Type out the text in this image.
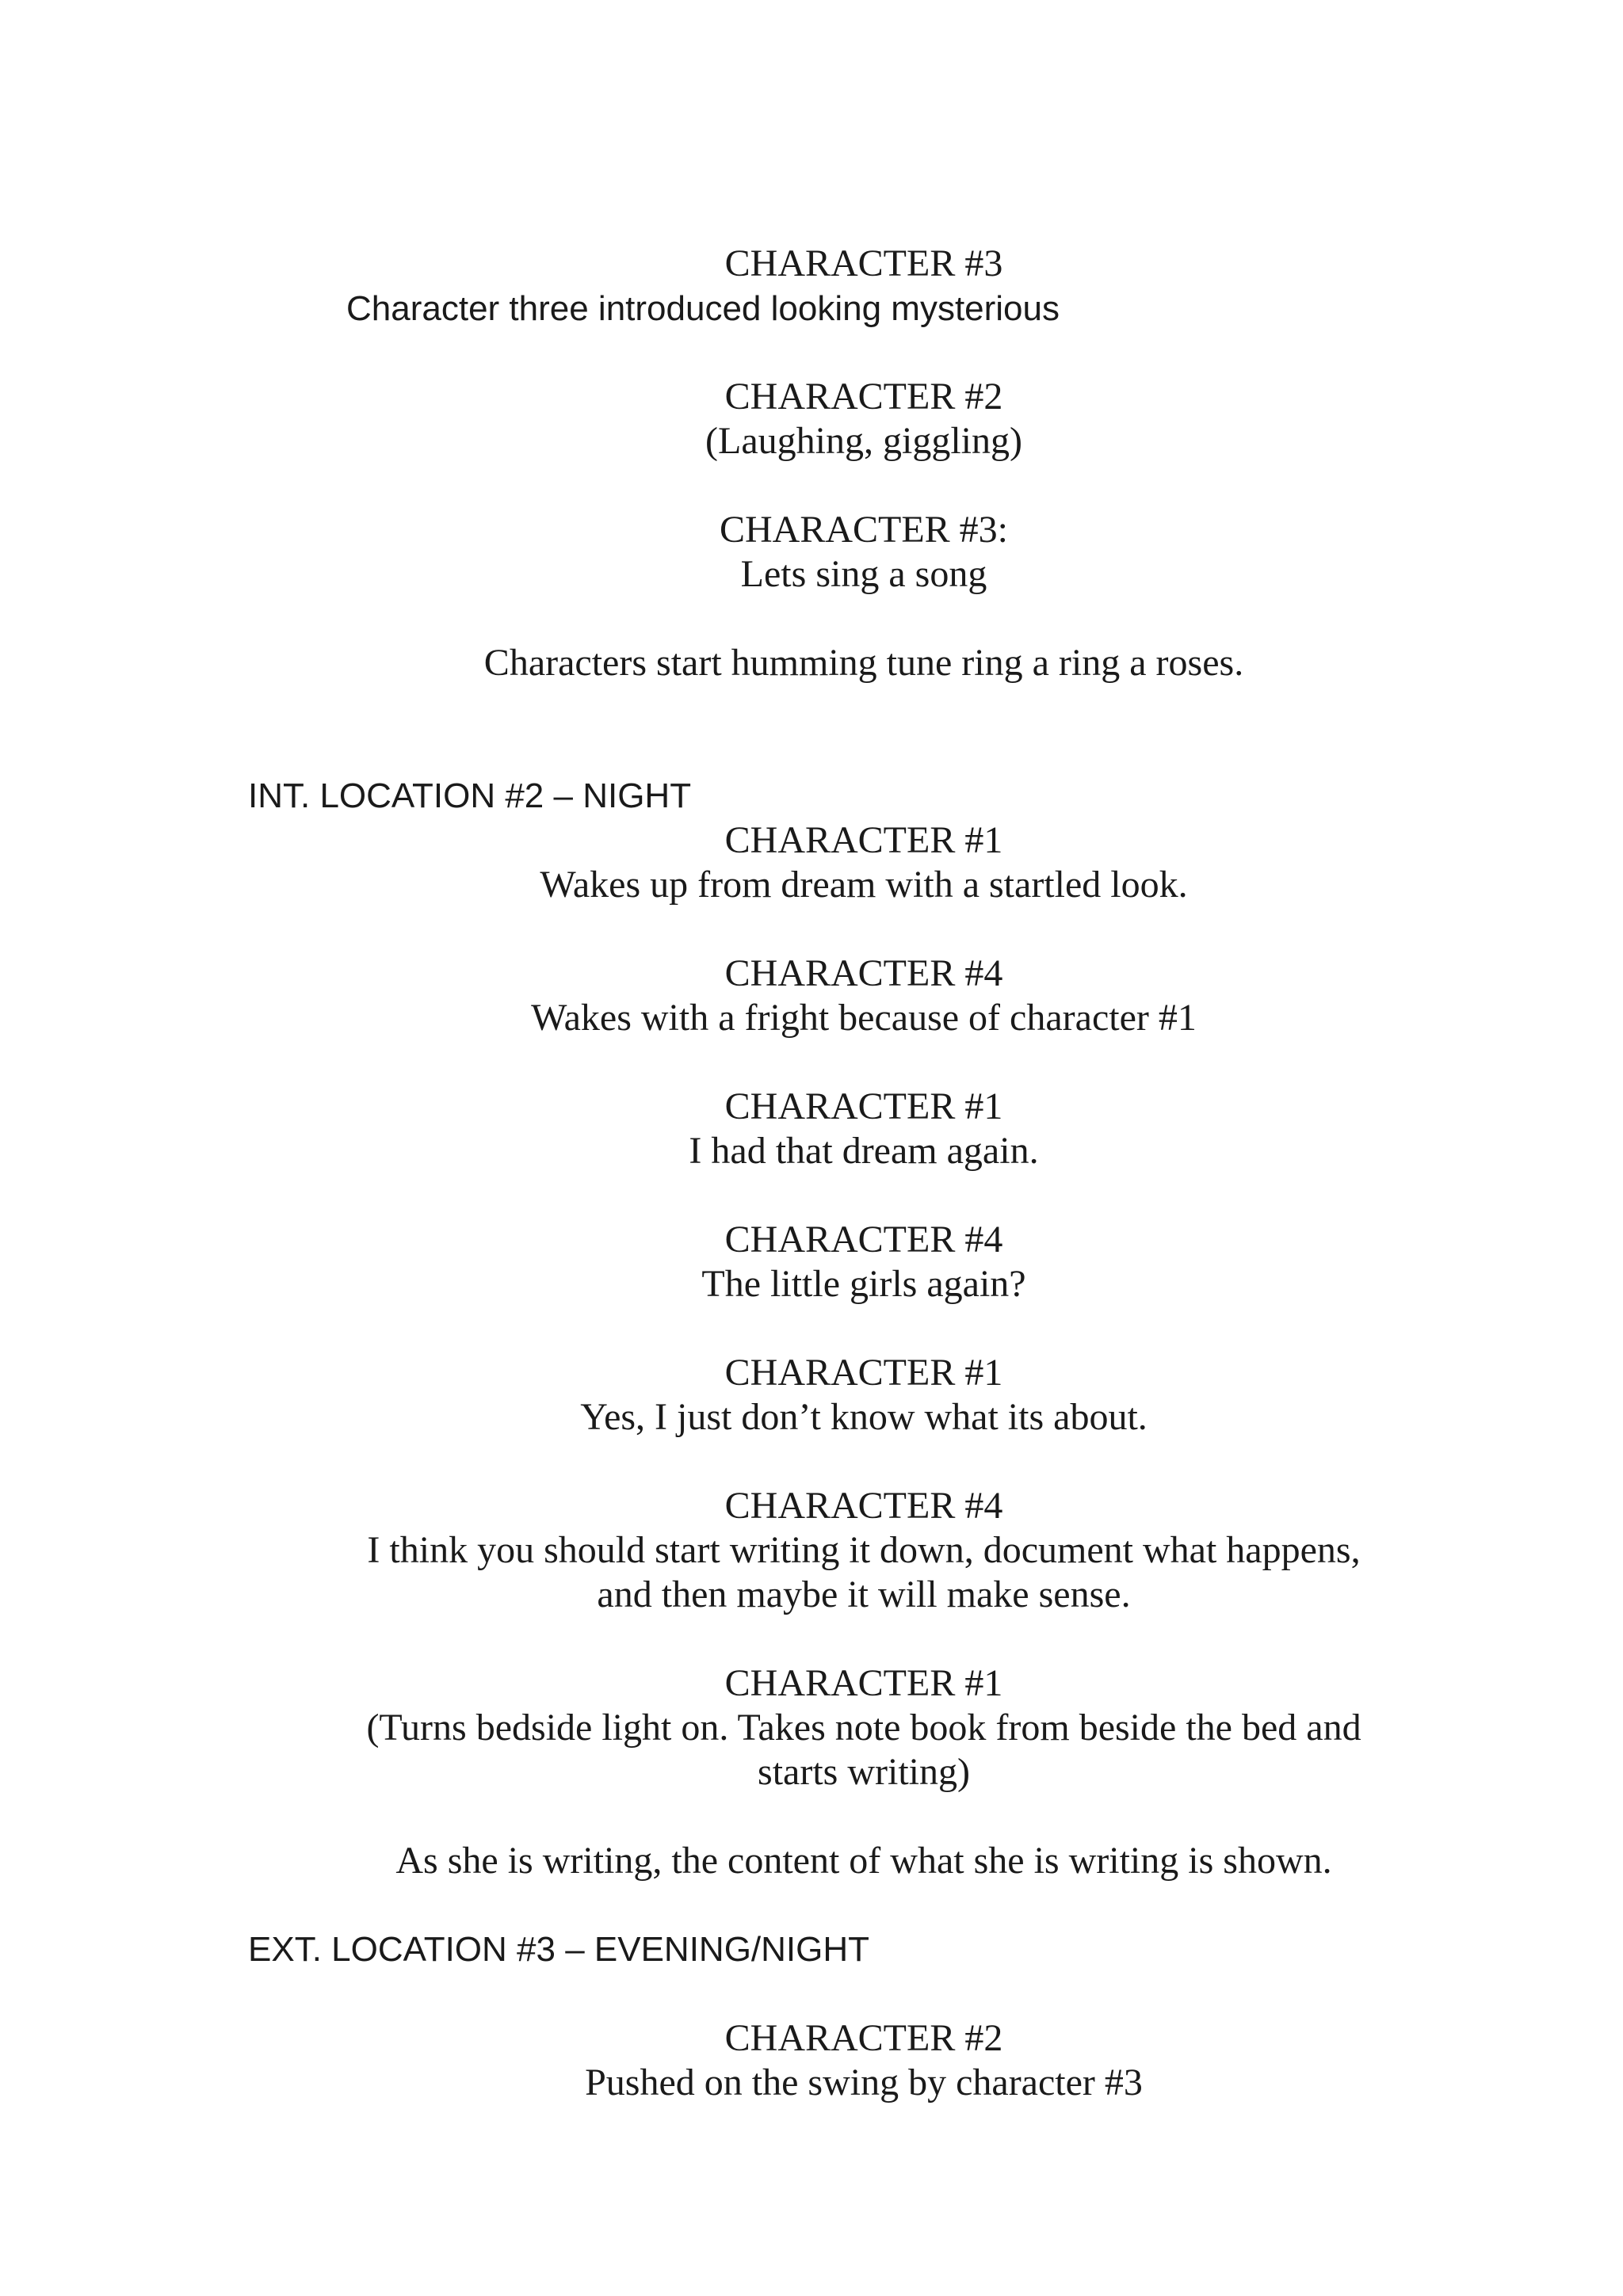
CHARACTER #3
Character three introduced looking mysterious
CHARACTER #2
(Laughing, giggling)
CHARACTER #3:
Lets sing a song
Characters start humming tune ring a ring a roses.
INT. LOCATION #2 – NIGHT
CHARACTER #1
Wakes up from dream with a startled look.
CHARACTER #4
Wakes with a fright because of character #1
CHARACTER #1
I had that dream again.
CHARACTER #4
The little girls again?
CHARACTER #1
Yes, I just don’t know what its about.
CHARACTER #4
I think you should start writing it down, document what happens,
and then maybe it will make sense.
CHARACTER #1
(Turns bedside light on. Takes note book from beside the bed and
starts writing)
As she is writing, the content of what she is writing is shown.
EXT. LOCATION #3 – EVENING/NIGHT
CHARACTER #2
Pushed on the swing by character #3
